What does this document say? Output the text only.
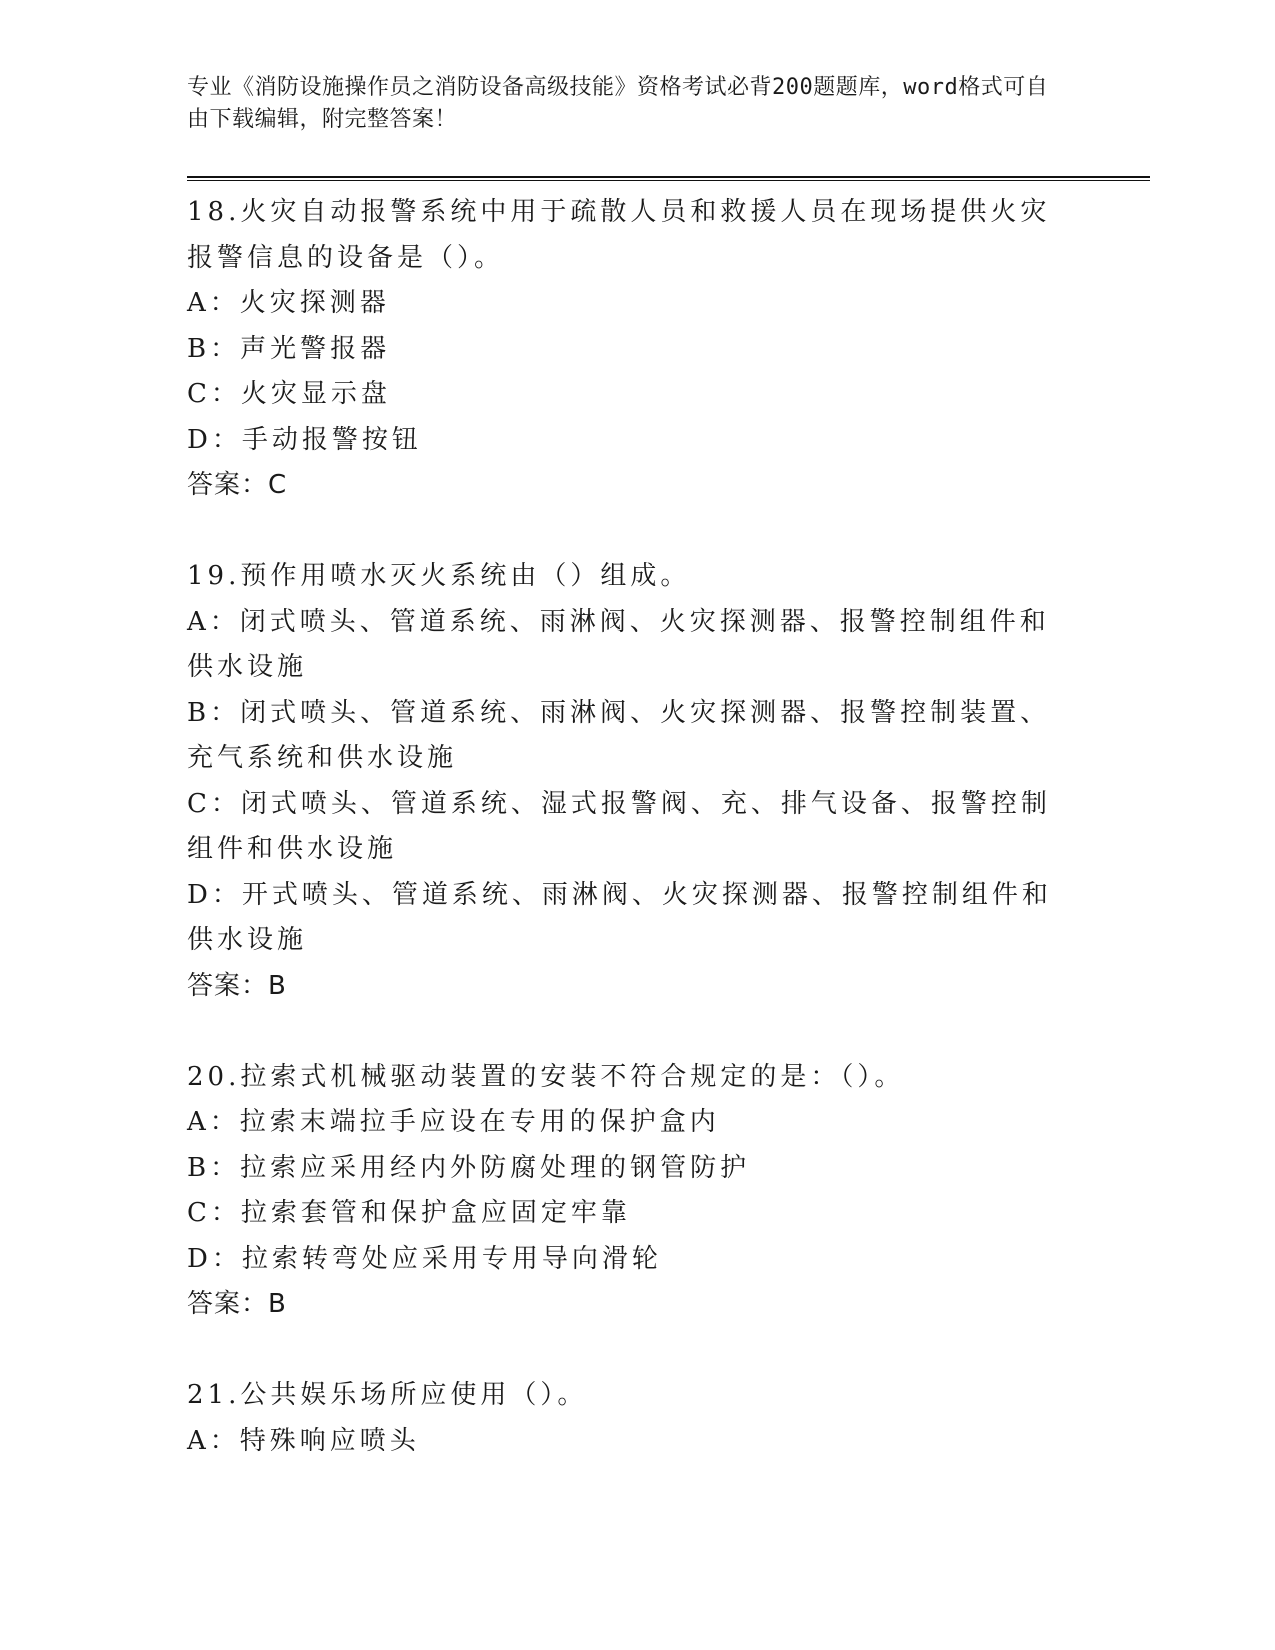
专业《消防设施操作员之消防设备高级技能》资格考试必背200题题库，word格式可自由下载编辑，附完整答案！

18.火灾自动报警系统中用于疏散人员和救援人员在现场提供火灾报警信息的设备是（）。

A：火灾探测器

B：声光警报器

C：火灾显示盘

D：手动报警按钮

答案：C

19.预作用喷水灭火系统由（）组成。

A：闭式喷头、管道系统、雨淋阀、火灾探测器、报警控制组件和供水设施

B：闭式喷头、管道系统、雨淋阀、火灾探测器、报警控制装置、充气系统和供水设施

C：闭式喷头、管道系统、湿式报警阀、充、排气设备、报警控制组件和供水设施

D：开式喷头、管道系统、雨淋阀、火灾探测器、报警控制组件和供水设施

答案：B

20.拉索式机械驱动装置的安装不符合规定的是：（）。

A：拉索末端拉手应设在专用的保护盒内

B：拉索应采用经内外防腐处理的钢管防护

C：拉索套管和保护盒应固定牢靠

D：拉索转弯处应采用专用导向滑轮

答案：B

21.公共娱乐场所应使用（）。

A：特殊响应喷头
